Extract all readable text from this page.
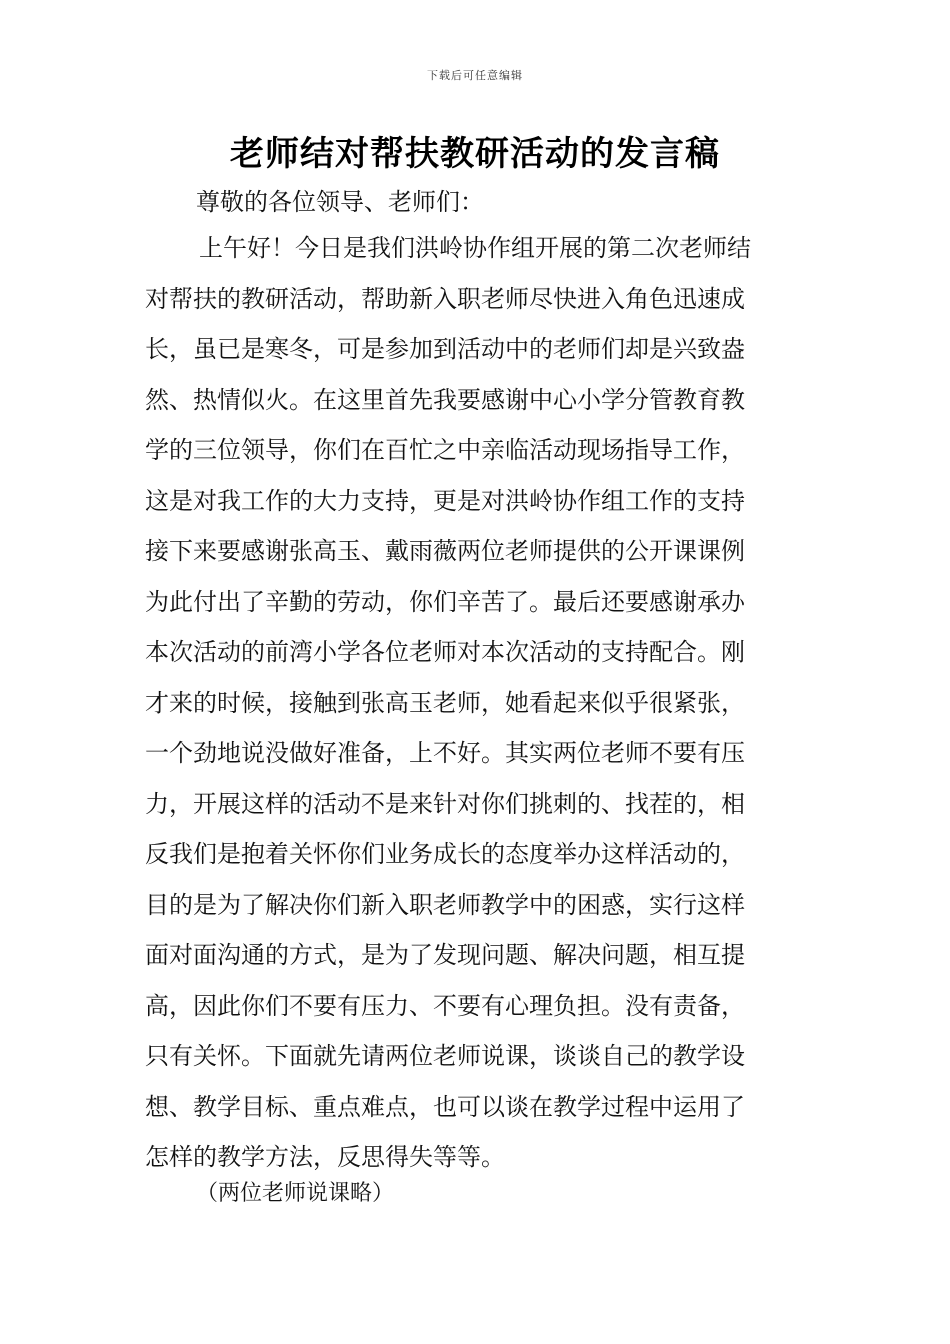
下载后可任意编辑
老师结对帮扶教研活动的发言稿
尊敬的各位领导、老师们：
上午好！今日是我们洪岭协作组开展的第二次老师结
对帮扶的教研活动，帮助新入职老师尽快进入角色迅速成
长，虽已是寒冬，可是参加到活动中的老师们却是兴致盎
然、热情似火。在这里首先我要感谢中心小学分管教育教
学的三位领导，你们在百忙之中亲临活动现场指导工作，
这是对我工作的大力支持，更是对洪岭协作组工作的支持
接下来要感谢张高玉、戴雨薇两位老师提供的公开课课例
为此付出了辛勤的劳动，你们辛苦了。最后还要感谢承办
本次活动的前湾小学各位老师对本次活动的支持配合。刚
才来的时候，接触到张高玉老师，她看起来似乎很紧张，
一个劲地说没做好准备，上不好。其实两位老师不要有压
力，开展这样的活动不是来针对你们挑刺的、找茬的，相
反我们是抱着关怀你们业务成长的态度举办这样活动的，
目的是为了解决你们新入职老师教学中的困惑，实行这样
面对面沟通的方式，是为了发现问题、解决问题，相互提
高，因此你们不要有压力、不要有心理负担。没有责备，
只有关怀。下面就先请两位老师说课，谈谈自己的教学设
想、教学目标、重点难点，也可以谈在教学过程中运用了
怎样的教学方法，反思得失等等。
（两位老师说课略）
